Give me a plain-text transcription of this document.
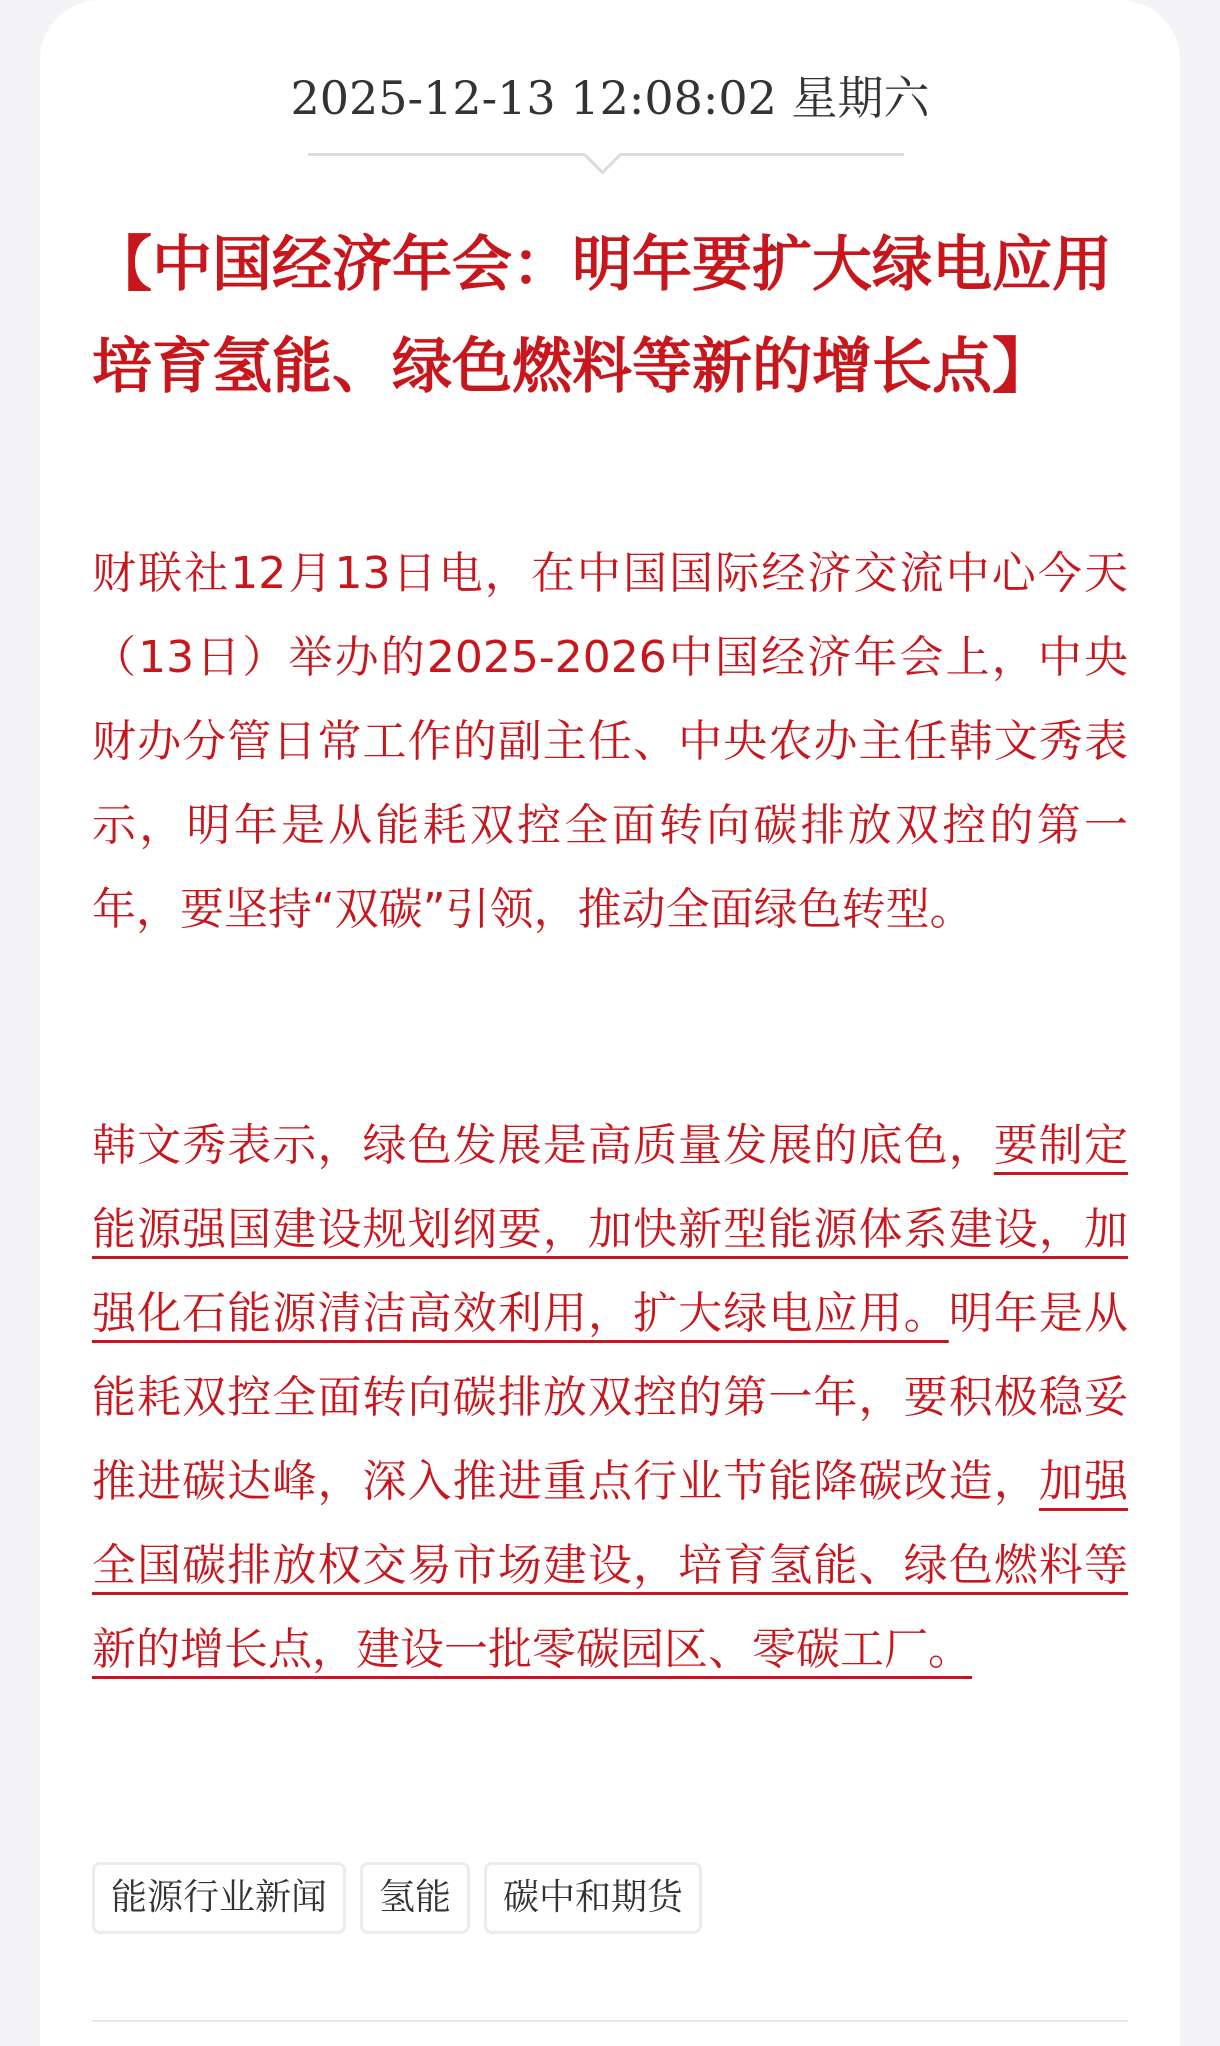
2025-12-13 12:08:02 星期六
【中国经济年会：明年要扩大绿电应用 培育氢能、绿色燃料等新的增长点】

财联社12月13日电，在中国国际经济交流中心今天（13日）举办的2025-2026中国经济年会上，中央财办分管日常工作的副主任、中央农办主任韩文秀表示，明年是从能耗双控全面转向碳排放双控的第一年，要坚持“双碳”引领，推动全面绿色转型。

韩文秀表示，绿色发展是高质量发展的底色，要制定能源强国建设规划纲要，加快新型能源体系建设，加强化石能源清洁高效利用，扩大绿电应用。明年是从能耗双控全面转向碳排放双控的第一年，要积极稳妥推进碳达峰，深入推进重点行业节能降碳改造，加强全国碳排放权交易市场建设，培育氢能、绿色燃料等新的增长点，建设一批零碳园区、零碳工厂。

能源行业新闻 氢能 碳中和期货
